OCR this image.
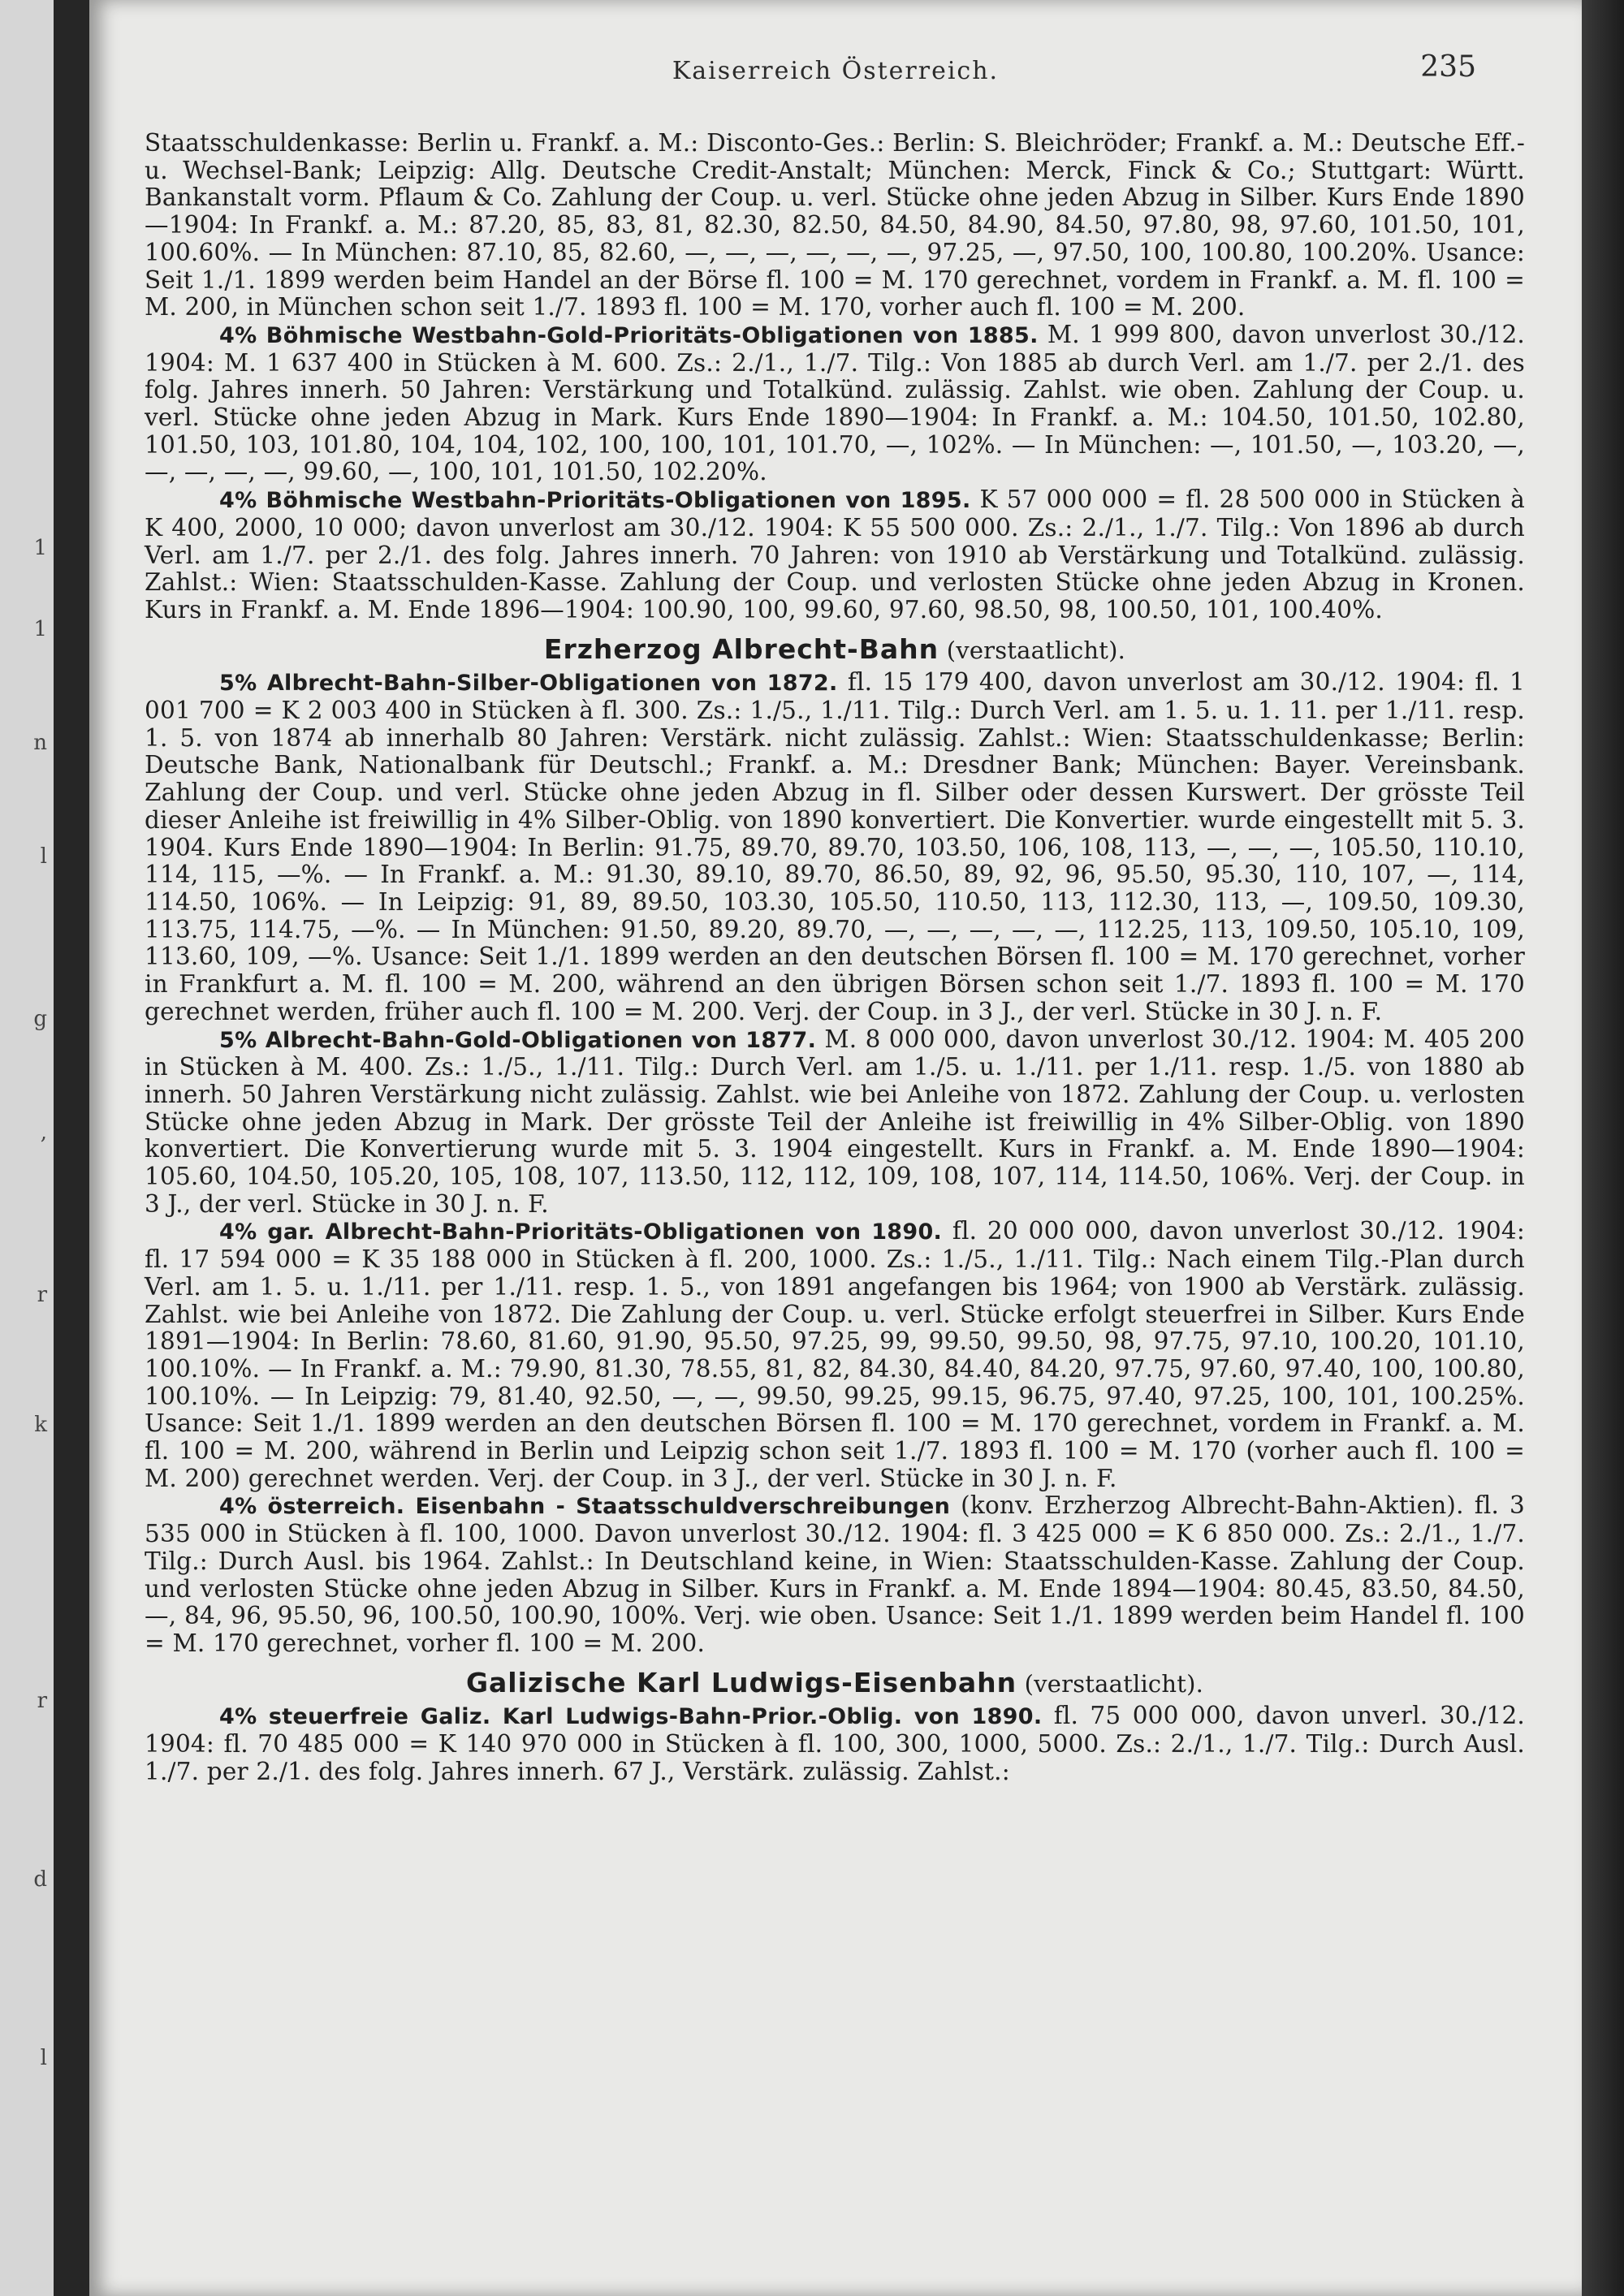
1
1
n
l
g
,
r
k
r
d
l
Kaiserreich Österreich.	235

Staatsschuldenkasse: Berlin u. Frankf. a. M.: Disconto-Ges.: Berlin: S. Bleichröder; Frankf. a. M.: Deutsche Eff.- u. Wechsel-Bank; Leipzig: Allg. Deutsche Credit-Anstalt; München: Merck, Finck & Co.; Stuttgart: Württ. Bankanstalt vorm. Pflaum & Co. Zahlung der Coup. u. verl. Stücke ohne jeden Abzug in Silber. Kurs Ende 1890—1904: In Frankf. a. M.: 87.20, 85, 83, 81, 82.30, 82.50, 84.50, 84.90, 84.50, 97.80, 98, 97.60, 101.50, 101, 100.60%. — In München: 87.10, 85, 82.60, —, —, —, —, —, —, 97.25, —, 97.50, 100, 100.80, 100.20%. Usance: Seit 1./1. 1899 werden beim Handel an der Börse fl. 100 = M. 170 gerechnet, vordem in Frankf. a. M. fl. 100 = M. 200, in München schon seit 1./7. 1893 fl. 100 = M. 170, vorher auch fl. 100 = M. 200.

4% Böhmische Westbahn-Gold-Prioritäts-Obligationen von 1885. M. 1 999 800, davon unverlost 30./12. 1904: M. 1 637 400 in Stücken à M. 600. Zs.: 2./1., 1./7. Tilg.: Von 1885 ab durch Verl. am 1./7. per 2./1. des folg. Jahres innerh. 50 Jahren: Verstärkung und Totalkünd. zulässig. Zahlst. wie oben. Zahlung der Coup. u. verl. Stücke ohne jeden Abzug in Mark. Kurs Ende 1890—1904: In Frankf. a. M.: 104.50, 101.50, 102.80, 101.50, 103, 101.80, 104, 104, 102, 100, 100, 101, 101.70, —, 102%. — In München: —, 101.50, —, 103.20, —, —, —, —, —, 99.60, —, 100, 101, 101.50, 102.20%.

4% Böhmische Westbahn-Prioritäts-Obligationen von 1895. K 57 000 000 = fl. 28 500 000 in Stücken à K 400, 2000, 10 000; davon unverlost am 30./12. 1904: K 55 500 000. Zs.: 2./1., 1./7. Tilg.: Von 1896 ab durch Verl. am 1./7. per 2./1. des folg. Jahres innerh. 70 Jahren: von 1910 ab Verstärkung und Totalkünd. zulässig. Zahlst.: Wien: Staatsschulden-Kasse. Zahlung der Coup. und verlosten Stücke ohne jeden Abzug in Kronen. Kurs in Frankf. a. M. Ende 1896—1904: 100.90, 100, 99.60, 97.60, 98.50, 98, 100.50, 101, 100.40%.

Erzherzog Albrecht-Bahn (verstaatlicht).

5% Albrecht-Bahn-Silber-Obligationen von 1872. fl. 15 179 400, davon unverlost am 30./12. 1904: fl. 1 001 700 = K 2 003 400 in Stücken à fl. 300. Zs.: 1./5., 1./11. Tilg.: Durch Verl. am 1. 5. u. 1. 11. per 1./11. resp. 1. 5. von 1874 ab innerhalb 80 Jahren: Verstärk. nicht zulässig. Zahlst.: Wien: Staatsschuldenkasse; Berlin: Deutsche Bank, Nationalbank für Deutschl.; Frankf. a. M.: Dresdner Bank; München: Bayer. Vereinsbank. Zahlung der Coup. und verl. Stücke ohne jeden Abzug in fl. Silber oder dessen Kurswert. Der grösste Teil dieser Anleihe ist freiwillig in 4% Silber-Oblig. von 1890 konvertiert. Die Konvertier. wurde eingestellt mit 5. 3. 1904. Kurs Ende 1890—1904: In Berlin: 91.75, 89.70, 89.70, 103.50, 106, 108, 113, —, —, —, 105.50, 110.10, 114, 115, —%. — In Frankf. a. M.: 91.30, 89.10, 89.70, 86.50, 89, 92, 96, 95.50, 95.30, 110, 107, —, 114, 114.50, 106%. — In Leipzig: 91, 89, 89.50, 103.30, 105.50, 110.50, 113, 112.30, 113, —, 109.50, 109.30, 113.75, 114.75, —%. — In München: 91.50, 89.20, 89.70, —, —, —, —, —, 112.25, 113, 109.50, 105.10, 109, 113.60, 109, —%. Usance: Seit 1./1. 1899 werden an den deutschen Börsen fl. 100 = M. 170 gerechnet, vorher in Frankfurt a. M. fl. 100 = M. 200, während an den übrigen Börsen schon seit 1./7. 1893 fl. 100 = M. 170 gerechnet werden, früher auch fl. 100 = M. 200. Verj. der Coup. in 3 J., der verl. Stücke in 30 J. n. F.

5% Albrecht-Bahn-Gold-Obligationen von 1877. M. 8 000 000, davon unverlost 30./12. 1904: M. 405 200 in Stücken à M. 400. Zs.: 1./5., 1./11. Tilg.: Durch Verl. am 1./5. u. 1./11. per 1./11. resp. 1./5. von 1880 ab innerh. 50 Jahren Verstärkung nicht zulässig. Zahlst. wie bei Anleihe von 1872. Zahlung der Coup. u. verlosten Stücke ohne jeden Abzug in Mark. Der grösste Teil der Anleihe ist freiwillig in 4% Silber-Oblig. von 1890 konvertiert. Die Konvertierung wurde mit 5. 3. 1904 eingestellt. Kurs in Frankf. a. M. Ende 1890—1904: 105.60, 104.50, 105.20, 105, 108, 107, 113.50, 112, 112, 109, 108, 107, 114, 114.50, 106%. Verj. der Coup. in 3 J., der verl. Stücke in 30 J. n. F.

4% gar. Albrecht-Bahn-Prioritäts-Obligationen von 1890. fl. 20 000 000, davon unverlost 30./12. 1904: fl. 17 594 000 = K 35 188 000 in Stücken à fl. 200, 1000. Zs.: 1./5., 1./11. Tilg.: Nach einem Tilg.-Plan durch Verl. am 1. 5. u. 1./11. per 1./11. resp. 1. 5., von 1891 angefangen bis 1964; von 1900 ab Verstärk. zulässig. Zahlst. wie bei Anleihe von 1872. Die Zahlung der Coup. u. verl. Stücke erfolgt steuerfrei in Silber. Kurs Ende 1891—1904: In Berlin: 78.60, 81.60, 91.90, 95.50, 97.25, 99, 99.50, 99.50, 98, 97.75, 97.10, 100.20, 101.10, 100.10%. — In Frankf. a. M.: 79.90, 81.30, 78.55, 81, 82, 84.30, 84.40, 84.20, 97.75, 97.60, 97.40, 100, 100.80, 100.10%. — In Leipzig: 79, 81.40, 92.50, —, —, 99.50, 99.25, 99.15, 96.75, 97.40, 97.25, 100, 101, 100.25%. Usance: Seit 1./1. 1899 werden an den deutschen Börsen fl. 100 = M. 170 gerechnet, vordem in Frankf. a. M. fl. 100 = M. 200, während in Berlin und Leipzig schon seit 1./7. 1893 fl. 100 = M. 170 (vorher auch fl. 100 = M. 200) gerechnet werden. Verj. der Coup. in 3 J., der verl. Stücke in 30 J. n. F.

4% österreich. Eisenbahn - Staatsschuldverschreibungen (konv. Erzherzog Albrecht-Bahn-Aktien). fl. 3 535 000 in Stücken à fl. 100, 1000. Davon unverlost 30./12. 1904: fl. 3 425 000 = K 6 850 000. Zs.: 2./1., 1./7. Tilg.: Durch Ausl. bis 1964. Zahlst.: In Deutschland keine, in Wien: Staatsschulden-Kasse. Zahlung der Coup. und verlosten Stücke ohne jeden Abzug in Silber. Kurs in Frankf. a. M. Ende 1894—1904: 80.45, 83.50, 84.50, —, 84, 96, 95.50, 96, 100.50, 100.90, 100%. Verj. wie oben. Usance: Seit 1./1. 1899 werden beim Handel fl. 100 = M. 170 gerechnet, vorher fl. 100 = M. 200.

Galizische Karl Ludwigs-Eisenbahn (verstaatlicht).

4% steuerfreie Galiz. Karl Ludwigs-Bahn-Prior.-Oblig. von 1890. fl. 75 000 000, davon unverl. 30./12. 1904: fl. 70 485 000 = K 140 970 000 in Stücken à fl. 100, 300, 1000, 5000. Zs.: 2./1., 1./7. Tilg.: Durch Ausl. 1./7. per 2./1. des folg. Jahres innerh. 67 J., Verstärk. zulässig. Zahlst.:
